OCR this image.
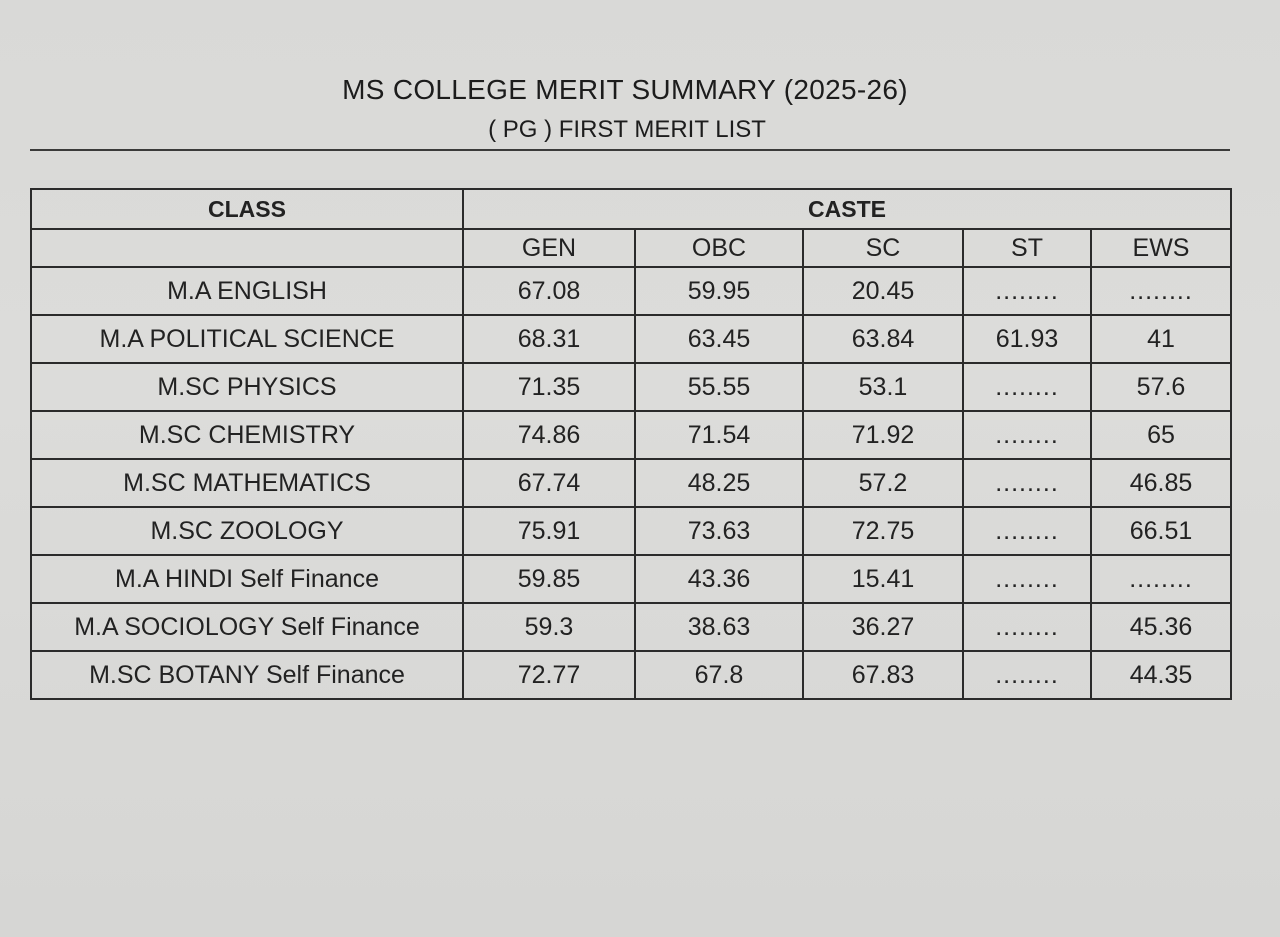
MS COLLEGE MERIT SUMMARY (2025-26)
( PG ) FIRST MERIT LIST
CLASS	CASTE				
	GEN	OBC	SC	ST	EWS
M.A ENGLISH	67.08	59.95	20.45	........	........
M.A POLITICAL SCIENCE	68.31	63.45	63.84	61.93	41
M.SC PHYSICS	71.35	55.55	53.1	........	57.6
M.SC CHEMISTRY	74.86	71.54	71.92	........	65
M.SC MATHEMATICS	67.74	48.25	57.2	........	46.85
M.SC ZOOLOGY	75.91	73.63	72.75	........	66.51
M.A HINDI Self Finance	59.85	43.36	15.41	........	........
M.A SOCIOLOGY Self Finance	59.3	38.63	36.27	........	45.36
M.SC BOTANY Self Finance	72.77	67.8	67.83	........	44.35
